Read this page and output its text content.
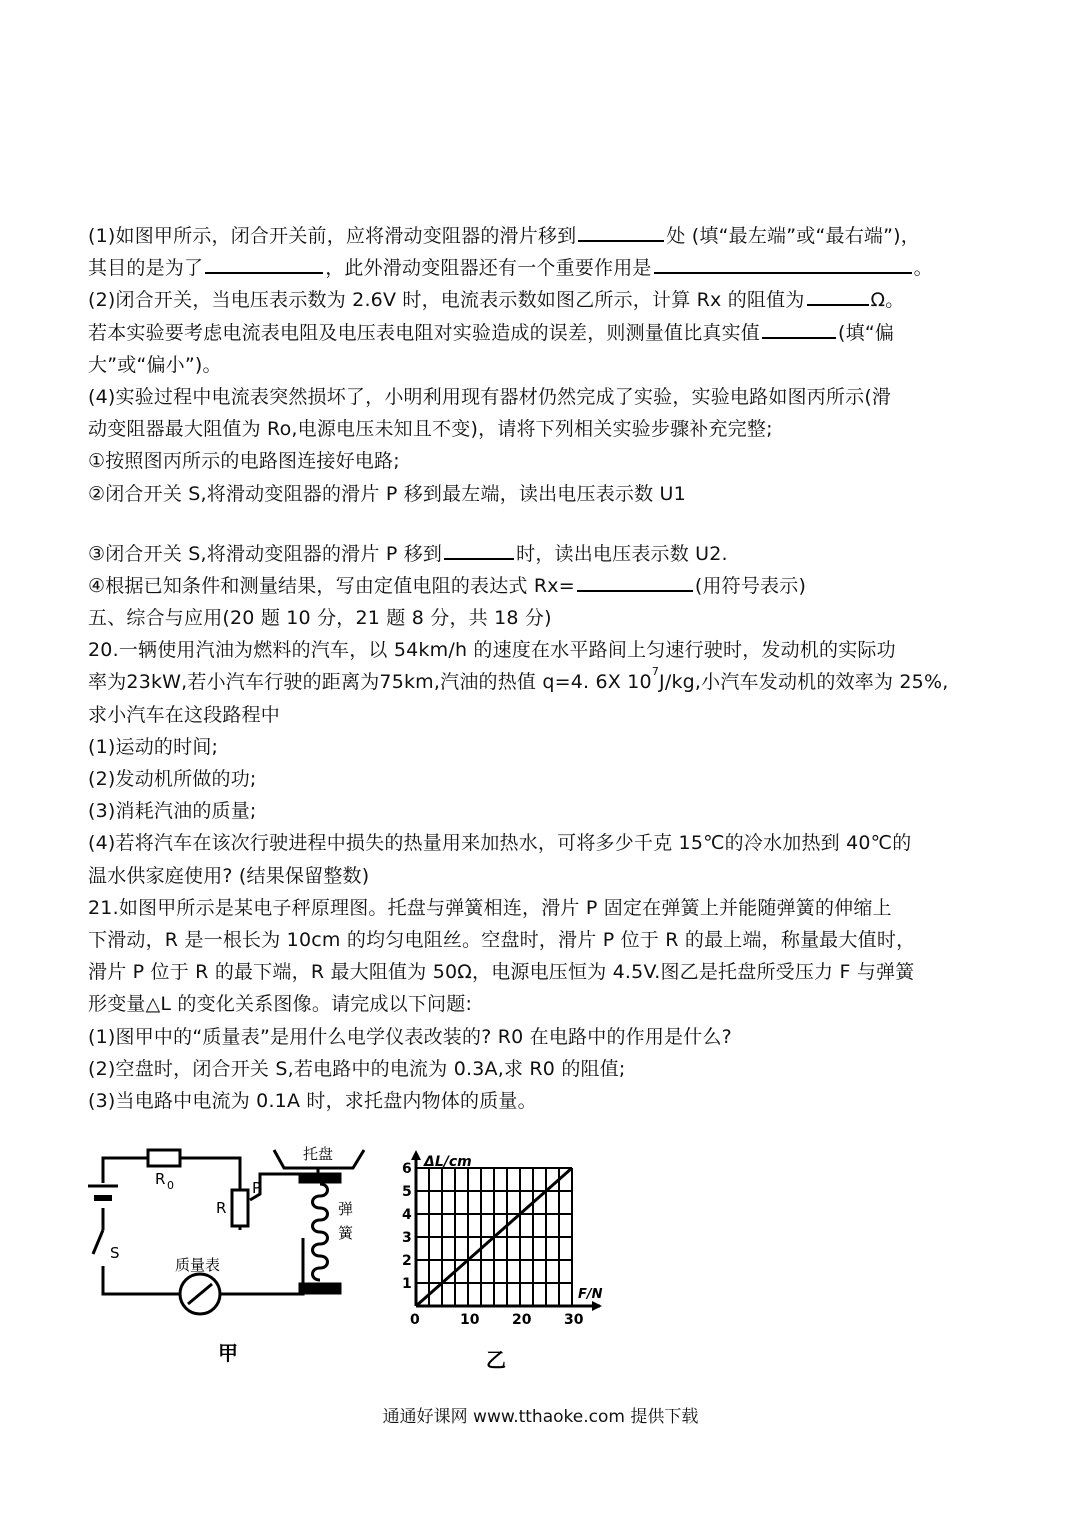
(1)如图甲所示，闭合开关前，应将滑动变阻器的滑片移到	处 (填“最左端”或“最右端”)，
其目的是为了	，此外滑动变阻器还有一个重要作用是	。
(2)闭合开关，当电压表示数为 2.6V 时，电流表示数如图乙所示，计算 Rx 的阻值为	Ω。
若本实验要考虑电流表电阻及电压表电阻对实验造成的误差，则测量值比真实值	(填“偏
大”或“偏小”)。
(4)实验过程中电流表突然损坏了，小明利用现有器材仍然完成了实验，实验电路如图丙所示(滑
动变阻器最大阻值为 Ro,电源电压未知且不变)，请将下列相关实验步骤补充完整;
①按照图丙所示的电路图连接好电路;
②闭合开关 S,将滑动变阻器的滑片 P 移到最左端，读出电压表示数 U1
③闭合开关 S,将滑动变阻器的滑片 P 移到	时，读出电压表示数 U2.
④根据已知条件和测量结果，写由定值电阻的表达式 Rx=	(用符号表示)
五、综合与应用(20 题 10 分，21 题 8 分，共 18 分)
20.一辆使用汽油为燃料的汽车，以 54km/h 的速度在水平路间上匀速行驶时，发动机的实际功
率为23kW,若小汽车行驶的距离为75km,汽油的热值 q=4. 6X $10^7J/kg$,小汽车发动机的效率为 25%,
求小汽车在这段路程中
(1)运动的时间;
(2)发动机所做的功;
(3)消耗汽油的质量;
(4)若将汽车在该次行驶进程中损失的热量用来加热水，可将多少千克 15℃的冷水加热到 40℃的
温水供家庭使用? (结果保留整数)
21.如图甲所示是某电子秤原理图。托盘与弹簧相连，滑片 P 固定在弹簧上并能随弹簧的伸缩上
下滑动，R 是一根长为 10cm 的均匀电阻丝。空盘时，滑片 P 位于 R 的最上端，称量最大值时，
滑片 P 位于 R 的最下端，R 最大阻值为 50Ω，电源电压恒为 4.5V.图乙是托盘所受压力 F 与弹簧
形变量△L 的变化关系图像。请完成以下问题:
(1)图甲中的“质量表”是用什么电学仪表改装的? R0 在电路中的作用是什么?
(2)空盘时，闭合开关 S,若电路中的电流为 0.3A,求 R0 的阻值;
(3)当电路中电流为 0.1A 时，求托盘内物体的质量。
R 0
R
P
S
托盘
弹
簧
质量表
甲
0	10 20 30
1
2
3
4
5
6 ΔL/cm
F/N
乙
通通好课网 www.tthaoke.com 提供下载
